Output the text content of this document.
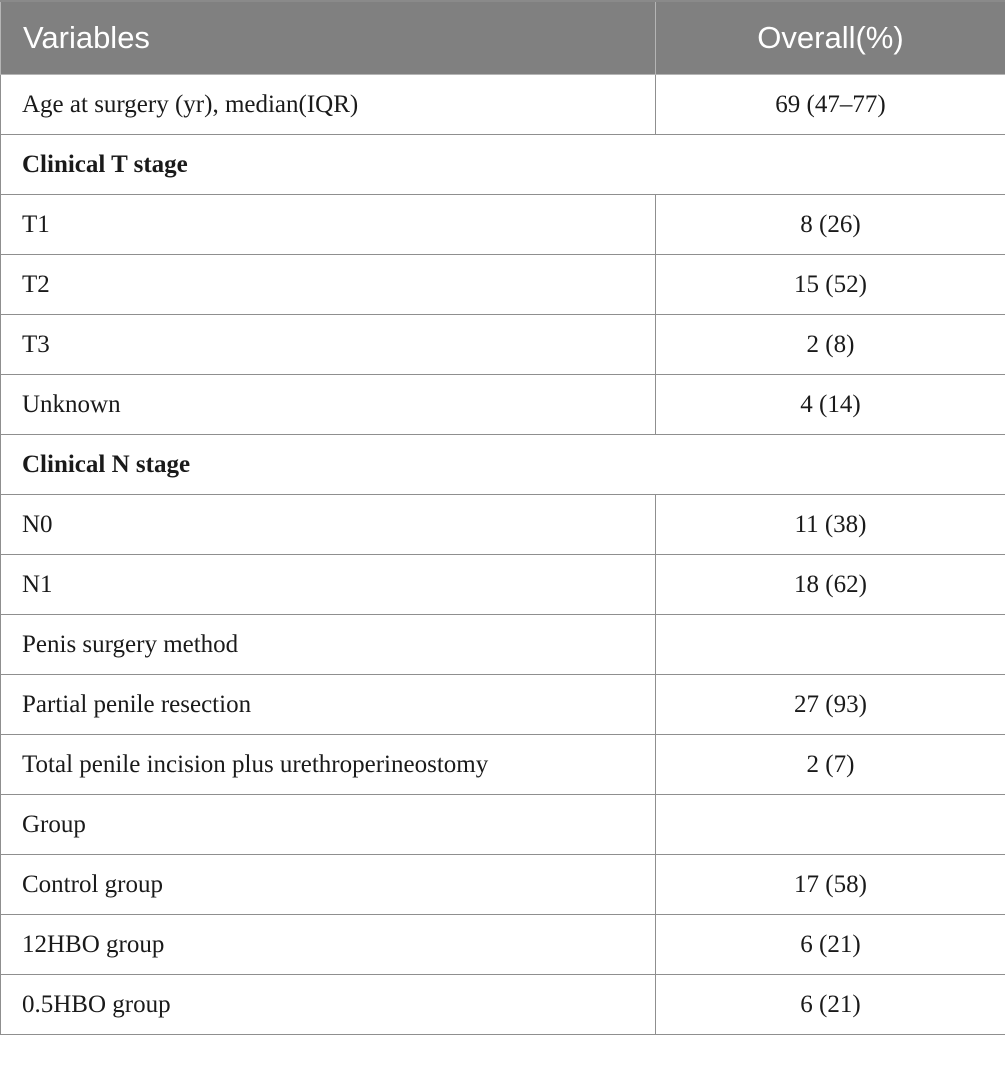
Variables	Overall(%)
Age at surgery (yr), median(IQR)	69 (47–77)
Clinical T stage	
T1	8 (26)
T2	15 (52)
T3	2 (8)
Unknown	4 (14)
Clinical N stage	
N0	11 (38)
N1	18 (62)
Penis surgery method	
Partial penile resection	27 (93)
Total penile incision plus urethroperineostomy	2 (7)
Group	
Control group	17 (58)
12HBO group	6 (21)
0.5HBO group	6 (21)
